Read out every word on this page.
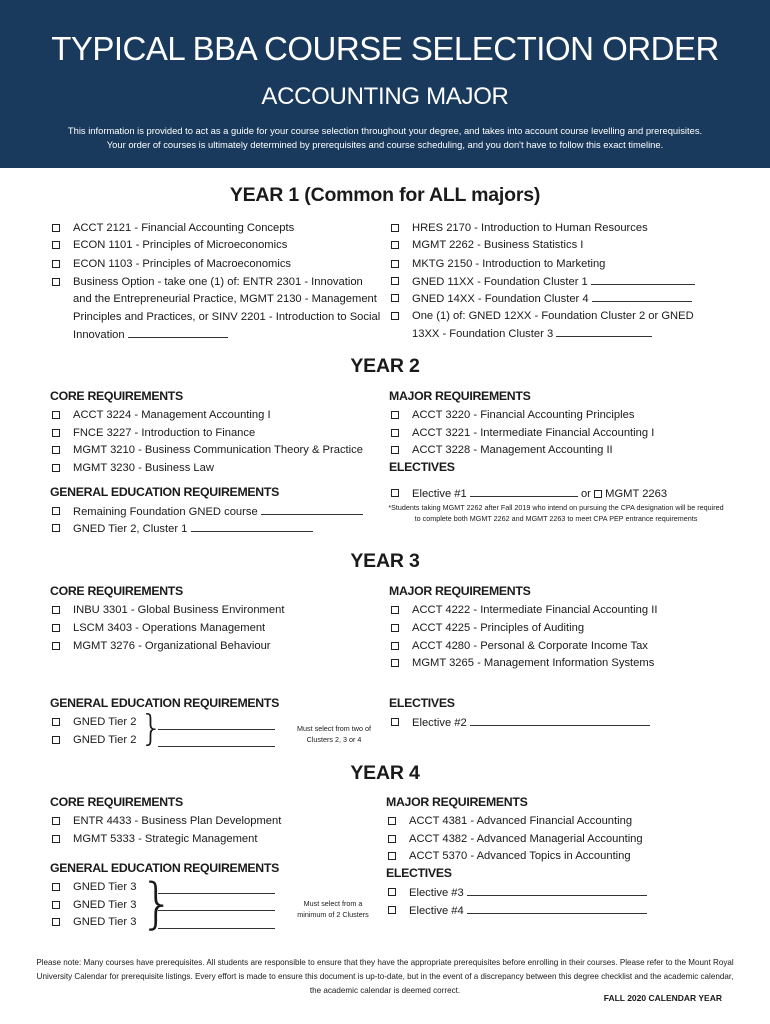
TYPICAL BBA COURSE SELECTION ORDER
ACCOUNTING MAJOR
This information is provided to act as a guide for your course selection throughout your degree, and takes into account course levelling and prerequisites.
Your order of courses is ultimately determined by prerequisites and course scheduling, and you don't have to follow this exact timeline.
YEAR 1 (Common for ALL majors)
ACCT 2121 - Financial Accounting Concepts
ECON 1101 - Principles of Microeconomics
ECON 1103 - Principles of Macroeconomics
Business Option - take one (1) of: ENTR 2301 - Innovation and the Entrepreneurial Practice, MGMT 2130 - Management Principles and Practices, or SINV 2201 - Introduction to Social Innovation
HRES 2170 - Introduction to Human Resources
MGMT 2262 - Business Statistics I
MKTG 2150 - Introduction to Marketing
GNED 11XX - Foundation Cluster 1
GNED 14XX - Foundation Cluster 4
One (1) of: GNED 12XX - Foundation Cluster 2 or GNED 13XX - Foundation Cluster 3
YEAR 2
CORE REQUIREMENTS	MAJOR REQUIREMENTS
ACCT 3224 - Management Accounting I
FNCE 3227 - Introduction to Finance
MGMT 3210 - Business Communication Theory & Practice
MGMT 3230 - Business Law
ACCT 3220 - Financial Accounting Principles
ACCT 3221 - Intermediate Financial Accounting I
ACCT 3228 - Management Accounting II
ELECTIVES
GENERAL EDUCATION REQUIREMENTS	Elective #1	or MGMT 2263
*Students taking MGMT 2262 after Fall 2019 who intend on pursuing the CPA designation will be required to complete both MGMT 2262 and MGMT 2263 to meet CPA PEP entrance requirements
Remaining Foundation GNED course
GNED Tier 2, Cluster 1
YEAR 3
CORE REQUIREMENTS	MAJOR REQUIREMENTS
INBU 3301 - Global Business Environment
LSCM 3403 - Operations Management
MGMT 3276 - Organizational Behaviour
ACCT 4222 - Intermediate Financial Accounting II
ACCT 4225 - Principles of Auditing
ACCT 4280 - Personal & Corporate Income Tax
MGMT 3265 - Management Information Systems
GENERAL EDUCATION REQUIREMENTS	ELECTIVES
GNED Tier 2
GNED Tier 2 }	Must select from two of Clusters 2, 3 or 4
Elective #2
YEAR 4
CORE REQUIREMENTS	MAJOR REQUIREMENTS
ENTR 4433 - Business Plan Development
MGMT 5333 - Strategic Management
ACCT 4381 - Advanced Financial Accounting
ACCT 4382 - Advanced Managerial Accounting
ACCT 5370 - Advanced Topics in Accounting
ELECTIVES
Elective #3
Elective #4
GENERAL EDUCATION REQUIREMENTS
GNED Tier 3
GNED Tier 3
GNED Tier 3 }	Must select from a minimum of 2 Clusters
Please note: Many courses have prerequisites. All students are responsible to ensure that they have the appropriate prerequisites before enrolling in their courses. Please refer to the Mount Royal University Calendar for prerequisite listings. Every effort is made to ensure this document is up-to-date, but in the event of a discrepancy between this degree checklist and the academic calendar, the academic calendar is deemed correct.
FALL 2020 CALENDAR YEAR
